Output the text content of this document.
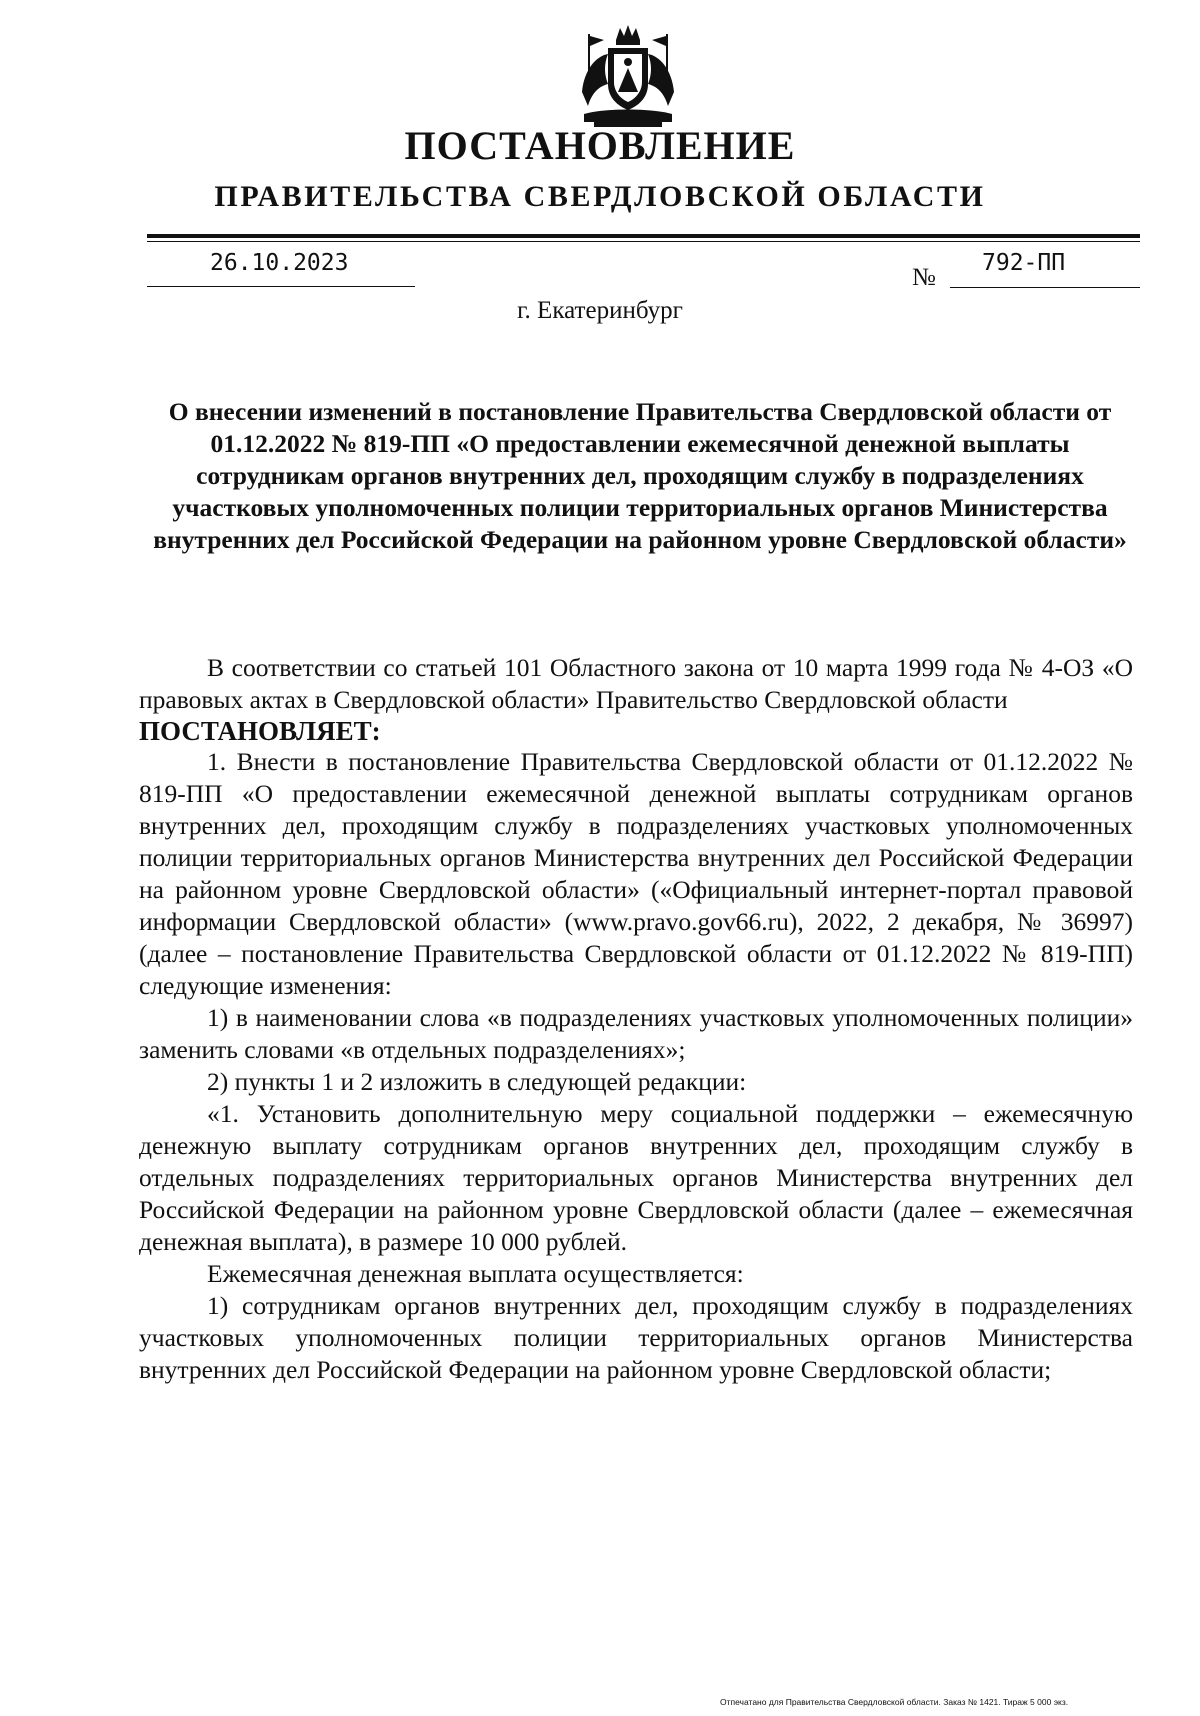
ПОСТАНОВЛЕНИЕ
ПРАВИТЕЛЬСТВА СВЕРДЛОВСКОЙ ОБЛАСТИ
26.10.2023
№
792-ПП
г. Екатеринбург
О внесении изменений в постановление Правительства Свердловской области от 01.12.2022 № 819-ПП «О предоставлении ежемесячной денежной выплаты сотрудникам органов внутренних дел, проходящим службу в подразделениях участковых уполномоченных полиции территориальных органов Министерства внутренних дел Российской Федерации на районном уровне Свердловской области»

В соответствии со статьей 101 Областного закона от 10 марта 1999 года № 4-ОЗ «О правовых актах в Свердловской области» Правительство Свердловской области

ПОСТАНОВЛЯЕТ:

1. Внести в постановление Правительства Свердловской области от 01.12.2022 № 819-ПП «О предоставлении ежемесячной денежной выплаты сотрудникам органов внутренних дел, проходящим службу в подразделениях участковых уполномоченных полиции территориальных органов Министерства внутренних дел Российской Федерации на районном уровне Свердловской области» («Официальный интернет-портал правовой информации Свердловской области» (www.pravo.gov66.ru), 2022, 2 декабря, № 36997) (далее – постановление Правительства Свердловской области от 01.12.2022 № 819-ПП) следующие изменения:

1) в наименовании слова «в подразделениях участковых уполномоченных полиции» заменить словами «в отдельных подразделениях»;

2) пункты 1 и 2 изложить в следующей редакции:

«1. Установить дополнительную меру социальной поддержки – ежемесячную денежную выплату сотрудникам органов внутренних дел, проходящим службу в отдельных подразделениях территориальных органов Министерства внутренних дел Российской Федерации на районном уровне Свердловской области (далее – ежемесячная денежная выплата), в размере 10 000 рублей.

Ежемесячная денежная выплата осуществляется:

1) сотрудникам органов внутренних дел, проходящим службу в подразделениях участковых уполномоченных полиции территориальных органов Министерства внутренних дел Российской Федерации на районном уровне Свердловской области;

Отпечатано для Правительства Свердловской области. Заказ № 1421. Тираж 5 000 экз.
